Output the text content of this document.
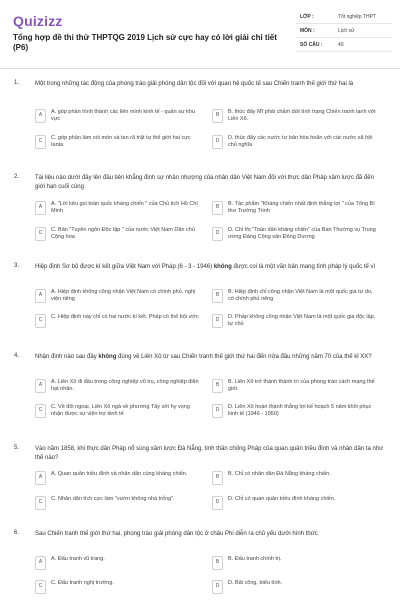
Quizizz
Tổng hợp đề thi thử THPTQG 2019 Lịch sử cực hay có lời giải chi tiết (P6)
LỚP :	Tốt nghiệp THPT
MÔN :	Lịch sử
SỐ CÂU :	40
1.	Một trong những tác động của phong trào giải phóng dân tộc đối với quan hệ quốc tế sau Chiến tranh thế giới thứ hai là
A	A. góp phần hình thành các liên minh kinh tế - quân sự khu vực
B	B. thúc đẩy Mĩ phải chấm dứt tình trạng Chiến tranh lạnh với Liên Xô.
C	C. góp phần làm xói mòn và tan rã trật tự thế giới hai cực Ianta
D	D. thúc đẩy các nước tư bản hòa hoãn với các nước xã hội chủ nghĩa
2.	Tài liệu nào dưới đây lên đầu tiên khẳng định sự nhân nhượng của nhân dân Việt Nam đối với thực dân Pháp xâm lược đã đến giới hạn cuối cùng
A	A. "Lời kêu gọi toàn quốc kháng chiến " của Chủ tịch Hồ Chí Minh
B	B. Tác phẩm "Kháng chiến nhất định thắng lợi " của Tổng Bí thư Trường Trinh
C	C. Bản "Tuyên ngôn Độc lập " của nước Việt Nam Dân chủ Cộng hòa
D	D. Chỉ thị "Toàn dân kháng chiến" của Ban Thường vụ Trung ương Đảng Cộng sản Đông Dương
3.	Hiệp định Sơ bộ được kí kết giữa Việt Nam với Pháp (6 - 3 - 1946) không được coi là một văn bản mang tính pháp lý quốc tế vì
A	A. Hiệp định không công nhận Việt Nam có chính phủ, nghị viện riêng
B	B. Hiệp định chỉ công nhận Việt Nam là một quốc gia tự do, có chính phủ riêng
C	C. Hiệp định này chỉ có hai nước kí kết, Pháp có thể bội ước	D	D. Pháp không công nhận Việt Nam là một quốc gia độc lập, tự chủ
4.	Nhận định nào sau đây không đúng về Liên Xô từ sau Chiến tranh thế giới thứ hai đến nửa đầu những năm 70 của thế kỉ XX?
A	A. Liên Xô đi đầu trong công nghiệp vũ trụ, công nghiệp điện hạt nhân.
B	B. Liên Xô trở thành thành trì của phong trào cách mạng thế giới.
C	C. Về đối ngoại, Liên Xô ngả về phương Tây với hy vọng nhận được sự viện trợ kinh tế
D	D. Liên Xô hoàn thành thắng lợi kế hoạch 5 năm khôi phục kinh tế (1946 - 1950)
5.	Vào năm 1858, khi thực dân Pháp nổ súng xâm lược Đà Nẵng, tinh thần chống Pháp của quan quân triều đình và nhân dân ta như thế nào?
A	A. Quan quân triều đình và nhân dân cùng kháng chiến.	B	B. Chỉ có nhân dân Đà Nẵng kháng chiến.
C	C. Nhân dân tích cực làm "vườn không nhà trống".	D	D. Chỉ có quan quân triều đình kháng chiến.
6.	Sau Chiến tranh thế giới thứ hai, phong trào giải phóng dân tộc ở châu Phi diễn ra chủ yếu dưới hình thức
A	A. Đấu tranh vũ trang.	B	B. Đấu tranh chính trị.
C	C. Đấu tranh nghị trường.	D	D. Bãi công, biểu tình.
